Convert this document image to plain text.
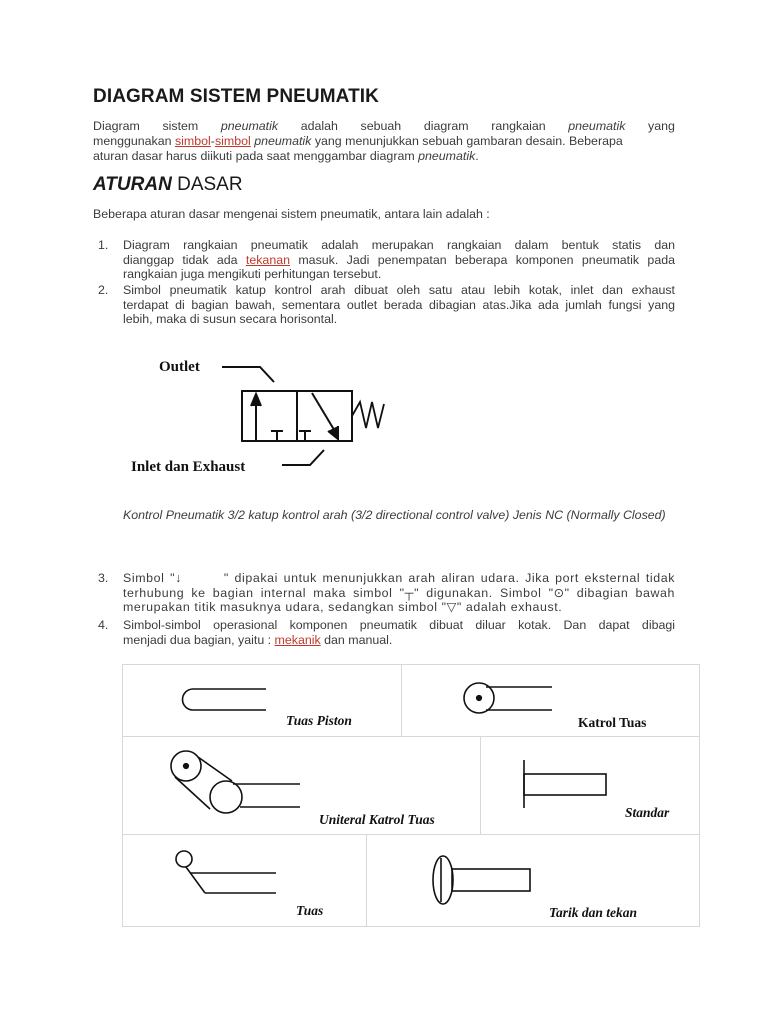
DIAGRAM SISTEM PNEUMATIK
Diagram sistem pneumatik adalah sebuah diagram rangkaian pneumatik yang
menggunakan simbol-simbol pneumatik yang menunjukkan sebuah gambaran desain. Beberapa
aturan dasar harus diikuti pada saat menggambar diagram pneumatik.
ATURAN DASAR
Beberapa aturan dasar mengenai sistem pneumatik, antara lain adalah :
1. Diagram rangkaian pneumatik adalah merupakan rangkaian dalam bentuk statis dan
dianggap tidak ada tekanan masuk. Jadi penempatan beberapa komponen pneumatik pada
rangkaian juga mengikuti perhitungan tersebut.
2. Simbol pneumatik katup kontrol arah dibuat oleh satu atau lebih kotak, inlet dan exhaust
terdapat di bagian bawah, sementara outlet berada dibagian atas.Jika ada jumlah fungsi yang
lebih, maka di susun secara horisontal.
Outlet
Inlet dan Exhaust
Kontrol Pneumatik 3/2 katup kontrol arah (3/2 directional control valve) Jenis NC (Normally Closed)
3. Simbol "↓	" dipakai untuk menunjukkan arah aliran udara. Jika port eksternal tidak
terhubung ke bagian internal maka simbol "┬" digunakan. Simbol "⊙" dibagian bawah
merupakan titik masuknya udara, sedangkan simbol "▽" adalah exhaust.
4. Simbol-simbol operasional komponen pneumatik dibuat diluar kotak. Dan dapat dibagi
menjadi dua bagian, yaitu : mekanik dan manual.
Tuas Piston	Katrol Tuas
Uniteral Katrol Tuas	Standar
Tuas	Tarik dan tekan
